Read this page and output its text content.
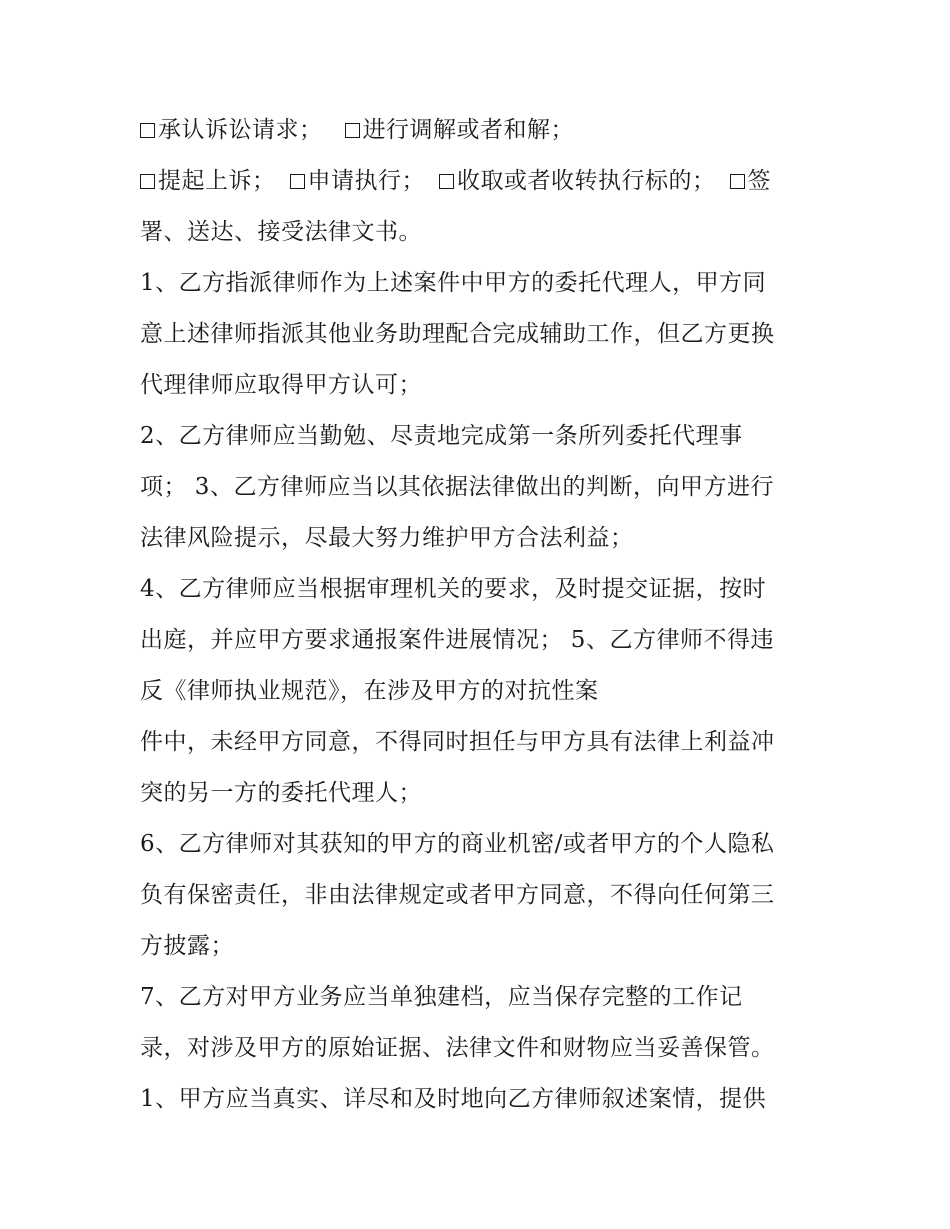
承认诉讼请求； 进行调解或者和解；
提起上诉； 申请执行； 收取或者收转执行标的； 签
署、送达、接受法律文书。
1、乙方指派律师作为上述案件中甲方的委托代理人，甲方同
意上述律师指派其他业务助理配合完成辅助工作，但乙方更换
代理律师应取得甲方认可；
2、乙方律师应当勤勉、尽责地完成第一条所列委托代理事
项； 3、乙方律师应当以其依据法律做出的判断，向甲方进行
法律风险提示，尽最大努力维护甲方合法利益；
4、乙方律师应当根据审理机关的要求，及时提交证据，按时
出庭，并应甲方要求通报案件进展情况； 5、乙方律师不得违
反《律师执业规范》，在涉及甲方的对抗性案
件中，未经甲方同意，不得同时担任与甲方具有法律上利益冲
突的另一方的委托代理人；
6、乙方律师对其获知的甲方的商业机密/或者甲方的个人隐私
负有保密责任，非由法律规定或者甲方同意，不得向任何第三
方披露；
7、乙方对甲方业务应当单独建档，应当保存完整的工作记
录，对涉及甲方的原始证据、法律文件和财物应当妥善保管。
1、甲方应当真实、详尽和及时地向乙方律师叙述案情，提供
